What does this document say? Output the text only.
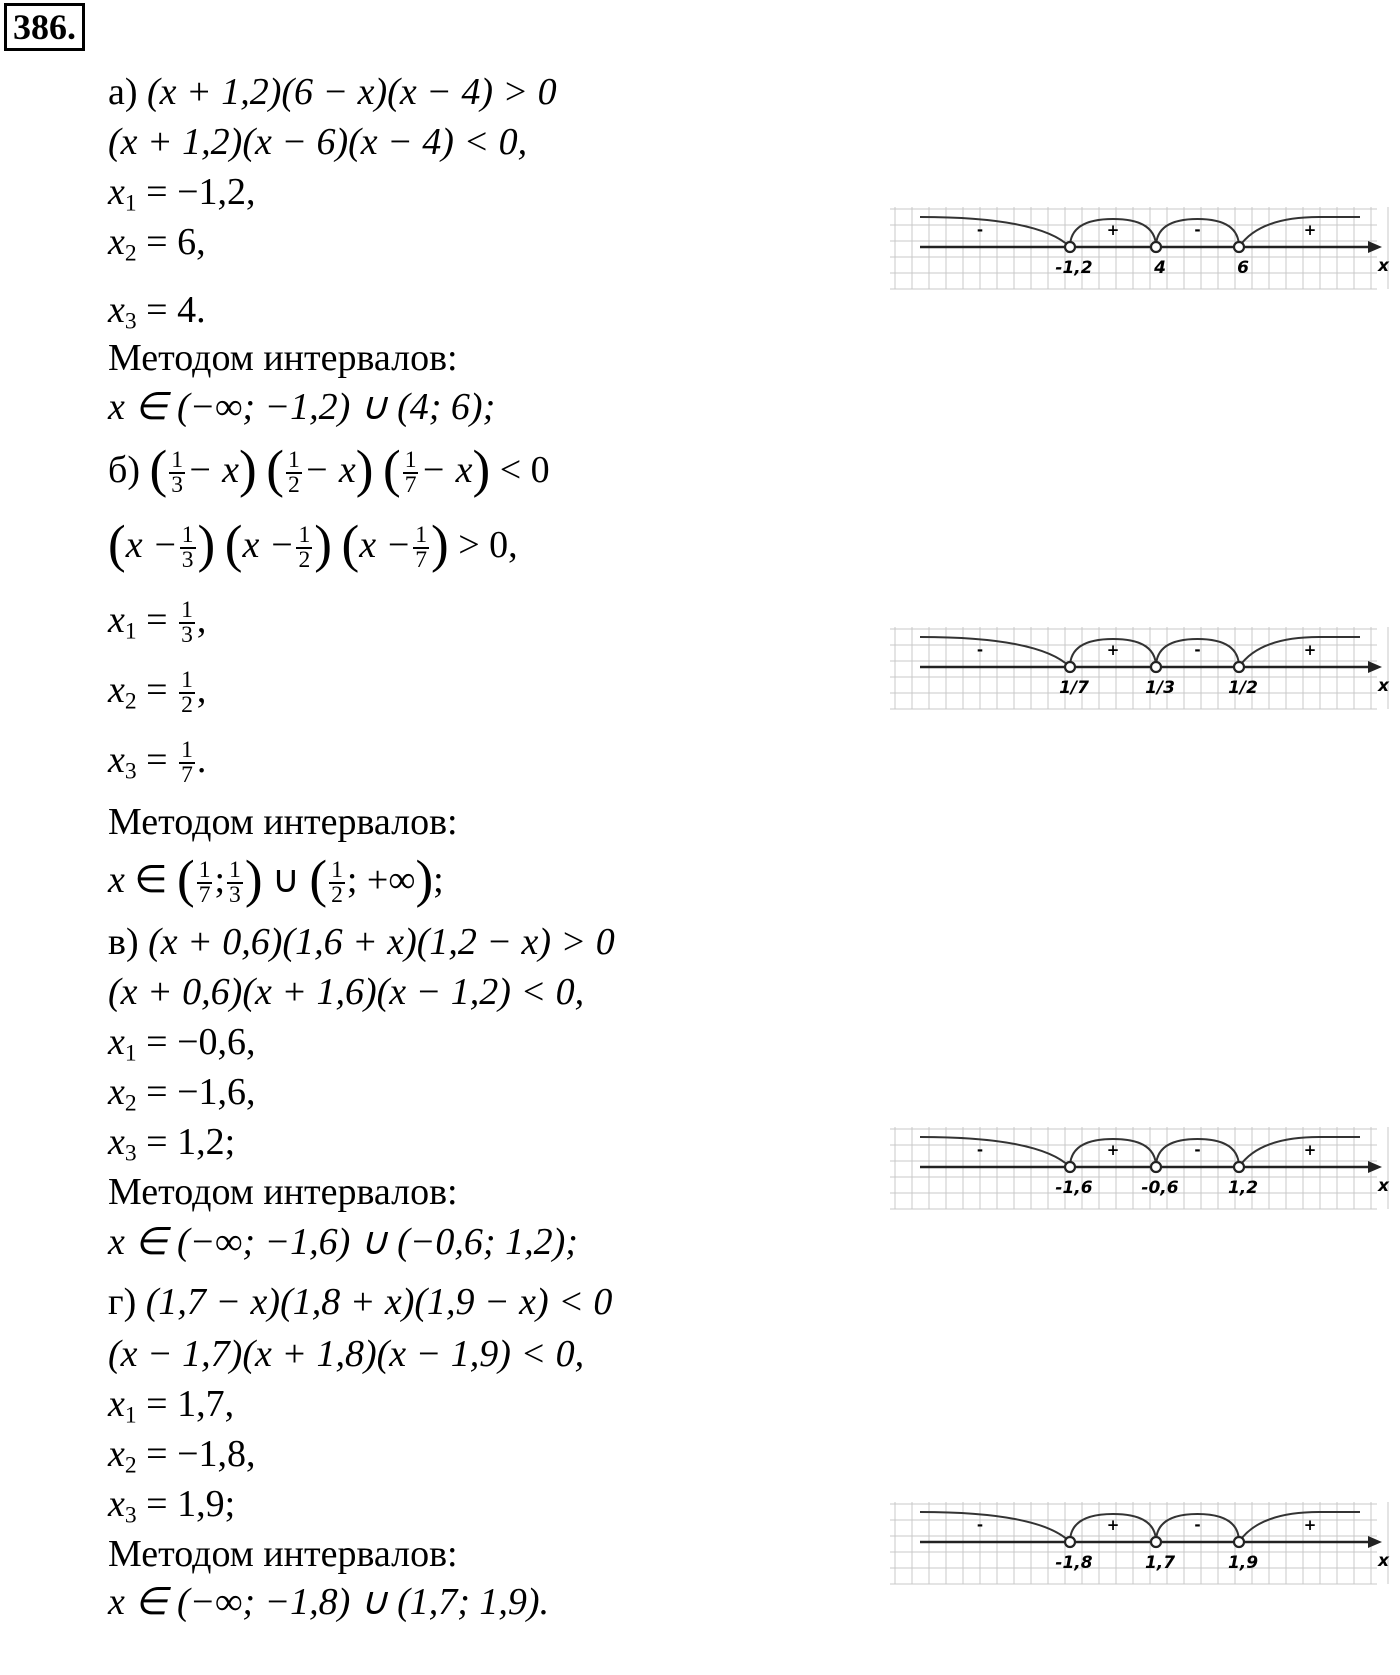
386.
а) (x + 1,2)(6 − x)(x − 4) > 0
(x + 1,2)(x − 6)(x − 4) < 0,
$x_1 = -1,2$,
$x_2 = 6$,
$x_3 = 4$.
Методом интервалов:
x ∈ (−∞; −1,2) ∪ (4; 6);
б) ( $\frac{1}{3} - x$) ( $\frac{1}{2} - x$) ( $\frac{1}{7} - x) < 0$
($x - \frac{1}{3}$ ) ($x - \frac{1}{2}$ ) ($x - \frac{1}{7}$ ) > 0,
$x_1 = \frac{1}{3}$ ,
$x_2 = \frac{1}{2}$ ,
$x_3 = \frac{1}{7}$ .
Методом интервалов:
x ∈ ( $\frac{1}{7}$ ; $\frac{1}{3}$ ) ∪ ( $\frac{1}{2}$ ; +∞);
в) (x + 0,6)(1,6 + x)(1,2 − x) > 0
(x + 0,6)(x + 1,6)(x − 1,2) < 0,
$x_1 = -0,6$,
$x_2 = -1,6$,
$x_3 = 1,2$;
Методом интервалов:
x ∈ (−∞; −1,6) ∪ (−0,6; 1,2);
г) (1,7 − x)(1,8 + x)(1,9 − x) < 0
(x − 1,7)(x + 1,8)(x − 1,9) < 0,
$x_1 = 1,7$,
$x_2 = -1,8$,
$x_3 = 1,9$;
Методом интервалов:
x ∈ (−∞; −1,8) ∪ (1,7; 1,9).
x
-	+	-	+
-1,2	4	6
x
-	+	-	+
1/7	1/3	1/2
x
-	+	-	+
-1,6	-0,6	1,2
x
-	+	-	+
-1,8	1,7	1,9
